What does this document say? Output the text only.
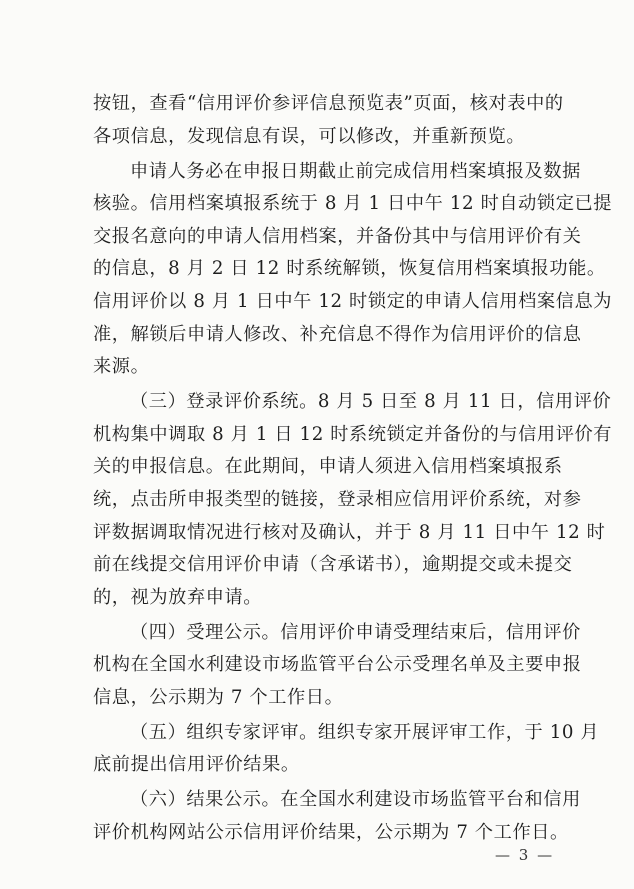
按钮，查看“信用评价参评信息预览表”页面，核对表中的
各项信息，发现信息有误，可以修改，并重新预览。

申请人务必在申报日期截止前完成信用档案填报及数据
核验。信用档案填报系统于 8 月 1 日中午 12 时自动锁定已提
交报名意向的申请人信用档案，并备份其中与信用评价有关
的信息，8 月 2 日 12 时系统解锁，恢复信用档案填报功能。
信用评价以 8 月 1 日中午 12 时锁定的申请人信用档案信息为
准，解锁后申请人修改、补充信息不得作为信用评价的信息
来源。

（三）登录评价系统。8 月 5 日至 8 月 11 日，信用评价
机构集中调取 8 月 1 日 12 时系统锁定并备份的与信用评价有
关的申报信息。在此期间，申请人须进入信用档案填报系
统，点击所申报类型的链接，登录相应信用评价系统，对参
评数据调取情况进行核对及确认，并于 8 月 11 日中午 12 时
前在线提交信用评价申请（含承诺书），逾期提交或未提交
的，视为放弃申请。

（四）受理公示。信用评价申请受理结束后，信用评价
机构在全国水利建设市场监管平台公示受理名单及主要申报
信息，公示期为 7 个工作日。

（五）组织专家评审。组织专家开展评审工作，于 10 月
底前提出信用评价结果。

（六）结果公示。在全国水利建设市场监管平台和信用
评价机构网站公示信用评价结果，公示期为 7 个工作日。

— 3 —
